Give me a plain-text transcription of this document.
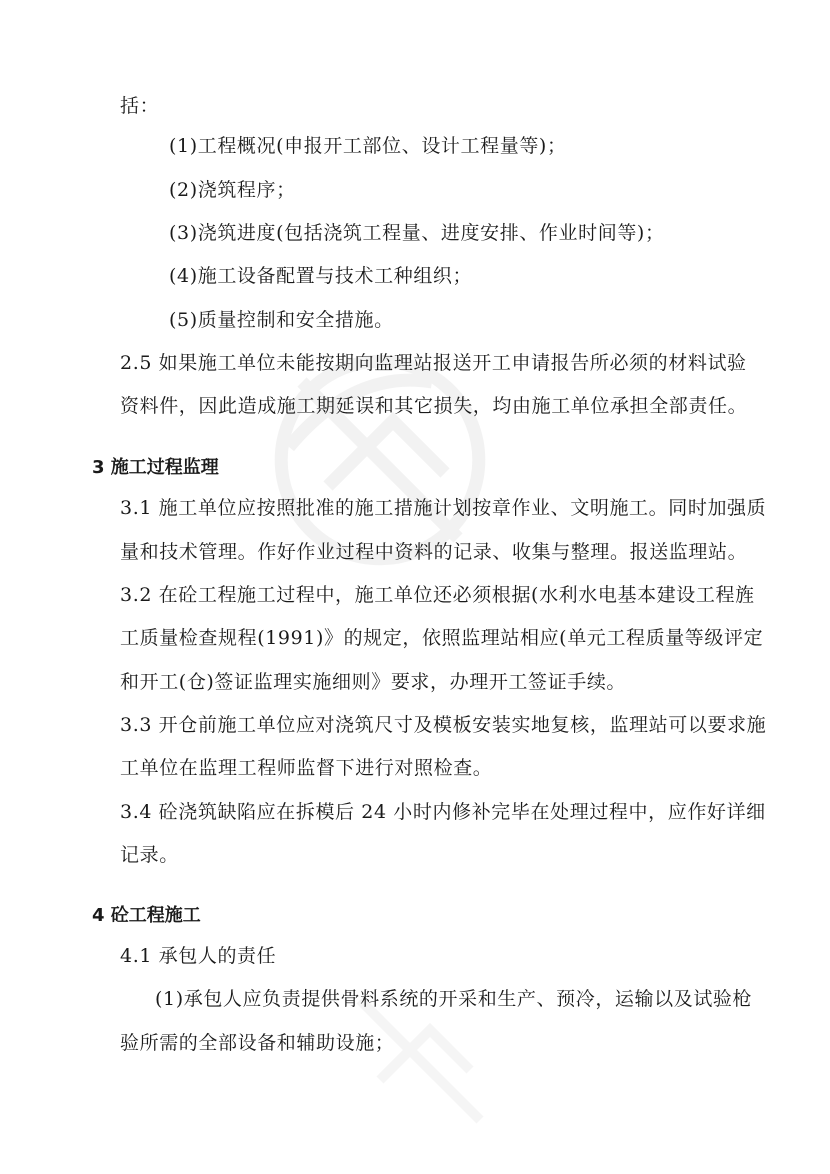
括：
(1)工程概况(申报开工部位、设计工程量等)；
(2)浇筑程序；
(3)浇筑进度(包括浇筑工程量、进度安排、作业时间等)；
(4)施工设备配置与技术工种组织；
(5)质量控制和安全措施。
2.5 如果施工单位未能按期向监理站报送开工申请报告所必须的材料试验
资料件，因此造成施工期延误和其它损失，均由施工单位承担全部责任。
3 施工过程监理
3.1 施工单位应按照批准的施工措施计划按章作业、文明施工。同时加强质
量和技术管理。作好作业过程中资料的记录、收集与整理。报送监理站。
3.2 在砼工程施工过程中，施工单位还必须根据(水利水电基本建设工程旌
工质量检查规程(1991)》的规定，依照监理站相应(单元工程质量等级评定
和开工(仓)签证监理实施细则》要求，办理开工签证手续。
3.3 开仓前施工单位应对浇筑尺寸及模板安装实地复核，监理站可以要求施
工单位在监理工程师监督下进行对照检查。
3.4 砼浇筑缺陷应在拆模后 24 小时内修补完毕在处理过程中，应作好详细
记录。
4 砼工程施工
4.1 承包人的责任
(1)承包人应负责提供骨料系统的开采和生产、预冷，运输以及试验枪
验所需的全部设备和辅助设施；
